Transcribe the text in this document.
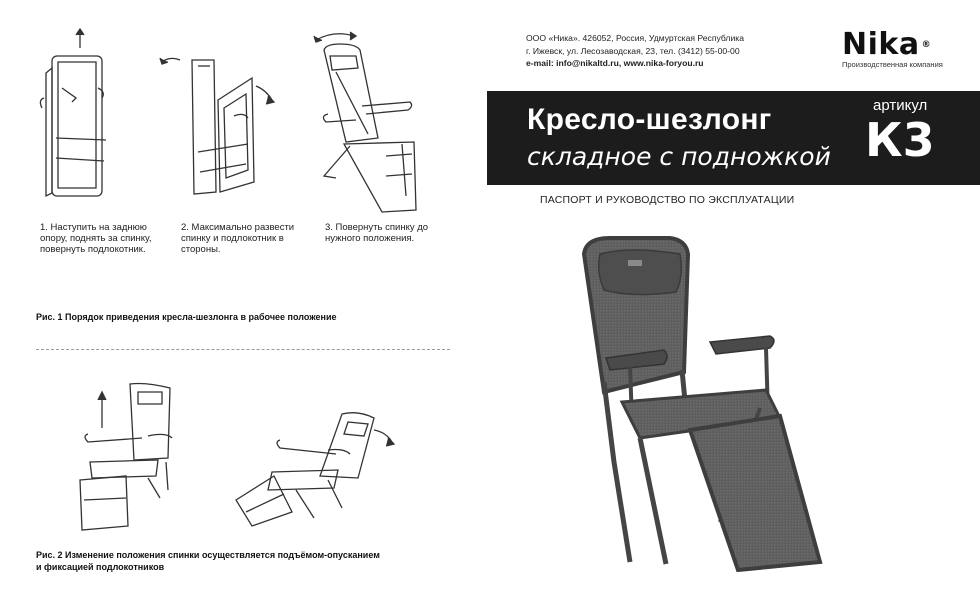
1. Наступить на заднюю опору, поднять за спинку, повернуть подлокотник.
2. Максимально развести спинку и подлокотник в стороны.
3. Повернуть спинку до нужного положения.
Рис. 1 Порядок приведения кресла-шезлонга в рабочее положение
Рис. 2 Изменение положения спинки осуществляется подъёмом-опусканием
и фиксацией подлокотников
ООО «Ника». 426052, Россия, Удмуртская Республика
г. Ижевск, ул. Лесозаводская, 23, тел. (3412) 55-00-00
e-mail: info@nikaltd.ru, www.nika-foryou.ru
Nika ®
Производственная компания
Кресло-шезлонг
складное с подножкой
артикул
К3
ПАСПОРТ И РУКОВОДСТВО ПО ЭКСПЛУАТАЦИИ
